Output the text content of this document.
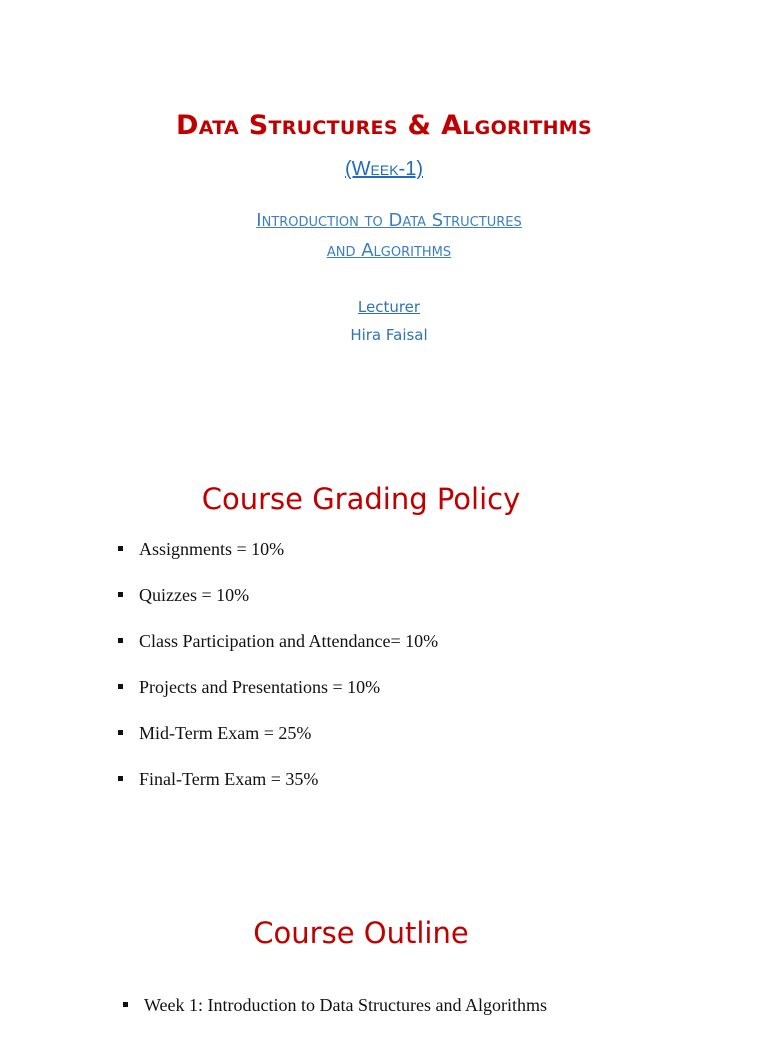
Data Structures & Algorithms
(Week-1)
Introduction to Data Structures
and Algorithms
Lecturer
Hira Faisal
Course Grading Policy
Assignments = 10%
Quizzes = 10%
Class Participation and Attendance= 10%
Projects and Presentations = 10%
Mid-Term Exam = 25%
Final-Term Exam = 35%
Course Outline
Week 1: Introduction to Data Structures and Algorithms
